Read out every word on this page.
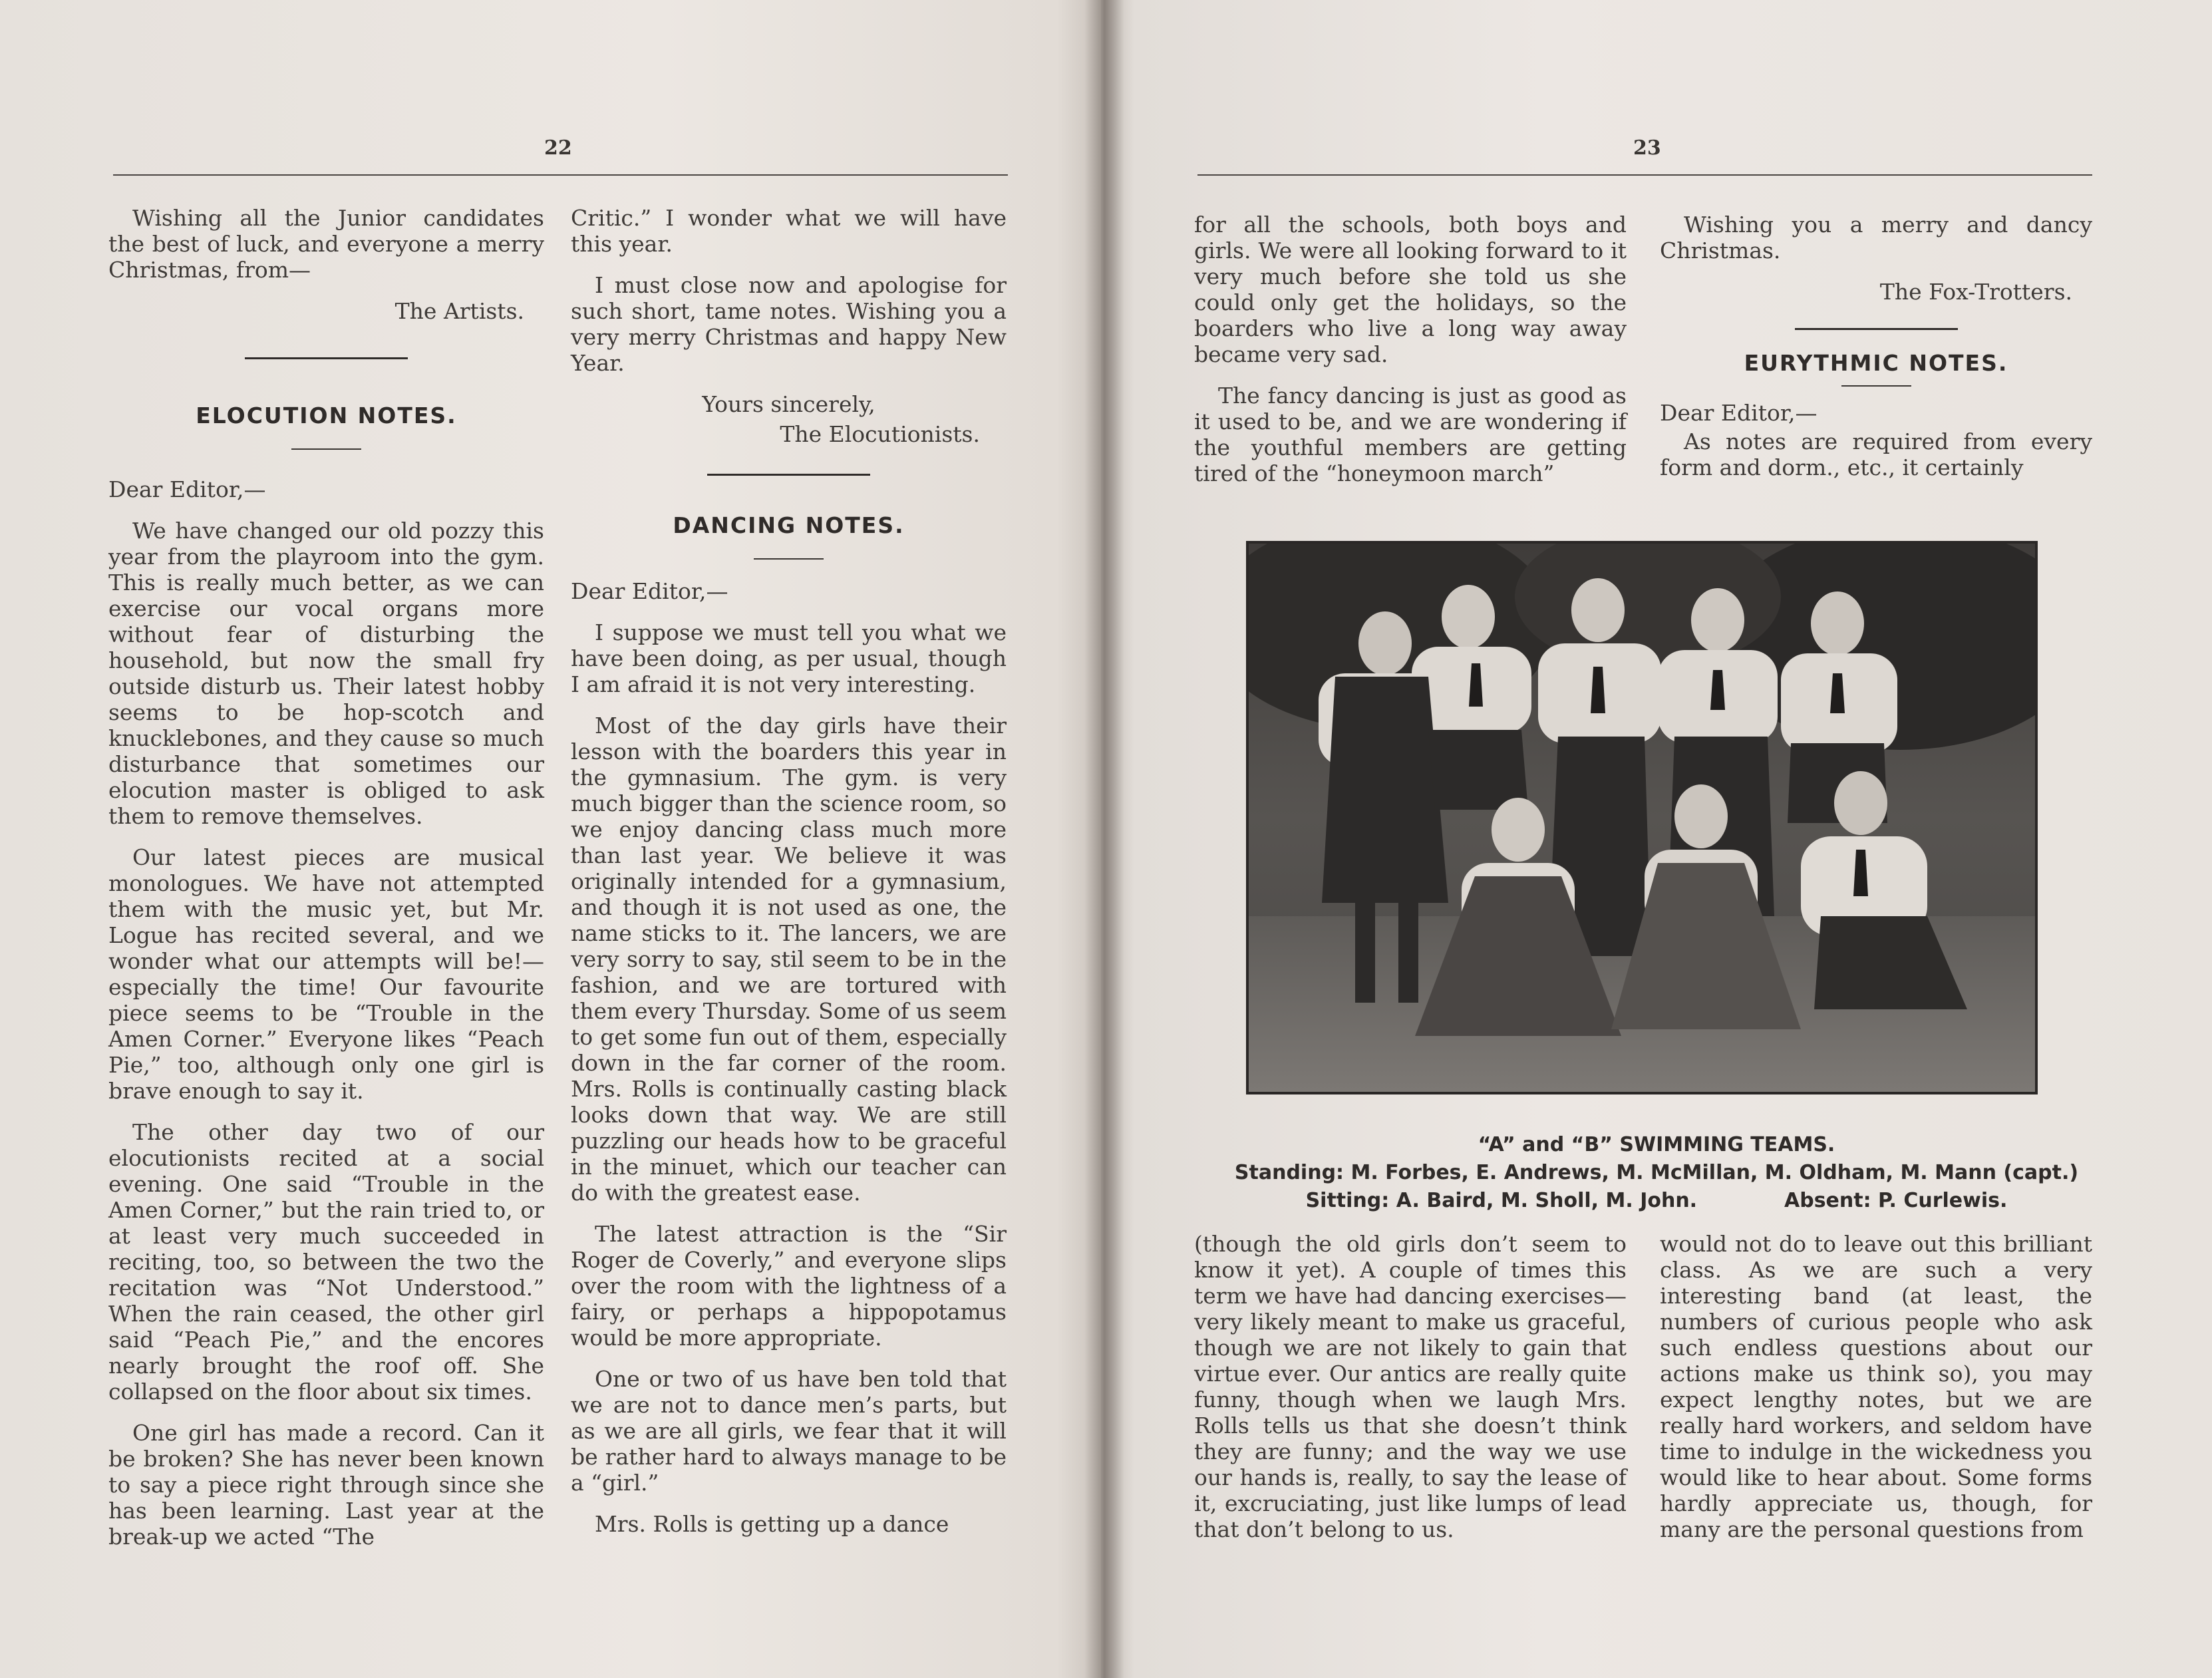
22

Wishing all the Junior candidates the best of luck, and everyone a merry Christmas, from—

The Artists.

ELOCUTION NOTES.

Dear Editor,—

We have changed our old pozzy this year from the playroom into the gym. This is really much better, as we can exercise our vocal organs more without fear of disturbing the household, but now the small fry outside disturb us. Their latest hobby seems to be hop-scotch and knucklebones, and they cause so much disturbance that sometimes our elocution master is obliged to ask them to remove themselves.

Our latest pieces are musical monologues. We have not attempted them with the music yet, but Mr. Logue has recited several, and we wonder what our attempts will be!—especially the time! Our favourite piece seems to be “Trouble in the Amen Corner.” Everyone likes “Peach Pie,” too, although only one girl is brave enough to say it.

The other day two of our elocutionists recited at a social evening. One said “Trouble in the Amen Corner,” but the rain tried to, or at least very much succeeded in reciting, too, so between the two the recitation was “Not Understood.” When the rain ceased, the other girl said “Peach Pie,” and the encores nearly brought the roof off. She collapsed on the floor about six times.

One girl has made a record. Can it be broken? She has never been known to say a piece right through since she has been learning. Last year at the break-up we acted “The

Critic.” I wonder what we will have this year.

I must close now and apologise for such short, tame notes. Wishing you a very merry Christmas and happy New Year.

Yours sincerely,

The Elocutionists.

DANCING NOTES.

Dear Editor,—

I suppose we must tell you what we have been doing, as per usual, though I am afraid it is not very interesting.

Most of the day girls have their lesson with the boarders this year in the gymnasium. The gym. is very much bigger than the science room, so we enjoy dancing class much more than last year. We believe it was originally intended for a gymnasium, and though it is not used as one, the name sticks to it. The lancers, we are very sorry to say, stil seem to be in the fashion, and we are tortured with them every Thursday. Some of us seem to get some fun out of them, especially down in the far corner of the room. Mrs. Rolls is continually casting black looks down that way. We are still puzzling our heads how to be graceful in the minuet, which our teacher can do with the greatest ease.

The latest attraction is the “Sir Roger de Coverly,” and everyone slips over the room with the lightness of a fairy, or perhaps a hippopotamus would be more appropriate.

One or two of us have ben told that we are not to dance men’s parts, but as we are all girls, we fear that it will be rather hard to always manage to be a “girl.”

Mrs. Rolls is getting up a dance

23

for all the schools, both boys and girls. We were all looking forward to it very much before she told us she could only get the holidays, so the boarders who live a long way away became very sad.

The fancy dancing is just as good as it used to be, and we are wondering if the youthful members are getting tired of the “honeymoon march”

Wishing you a merry and dancy Christmas.

The Fox-Trotters.

EURYTHMIC NOTES.

Dear Editor,—

As notes are required from every form and dorm., etc., it certainly

(though the old girls don’t seem to know it yet). A couple of times this term we have had dancing exercises—very likely meant to make us graceful, though we are not likely to gain that virtue ever. Our antics are really quite funny, though when we laugh Mrs. Rolls tells us that she doesn’t think they are funny; and the way we use our hands is, really, to say the lease of it, excruciating, just like lumps of lead that don’t belong to us.

would not do to leave out this brilliant class. As we are such a very interesting band (at least, the numbers of curious people who ask such endless questions about our actions make us think so), you may expect lengthy notes, but we are really hard workers, and seldom have time to indulge in the wickedness you would like to hear about. Some forms hardly appreciate us, though, for many are the personal questions from

“A” and “B” SWIMMING TEAMS.
Standing: M. Forbes, E. Andrews, M. McMillan, M. Oldham, M. Mann (capt.)
Sitting: A. Baird, M. Sholl, M. John.	Absent: P. Curlewis.
